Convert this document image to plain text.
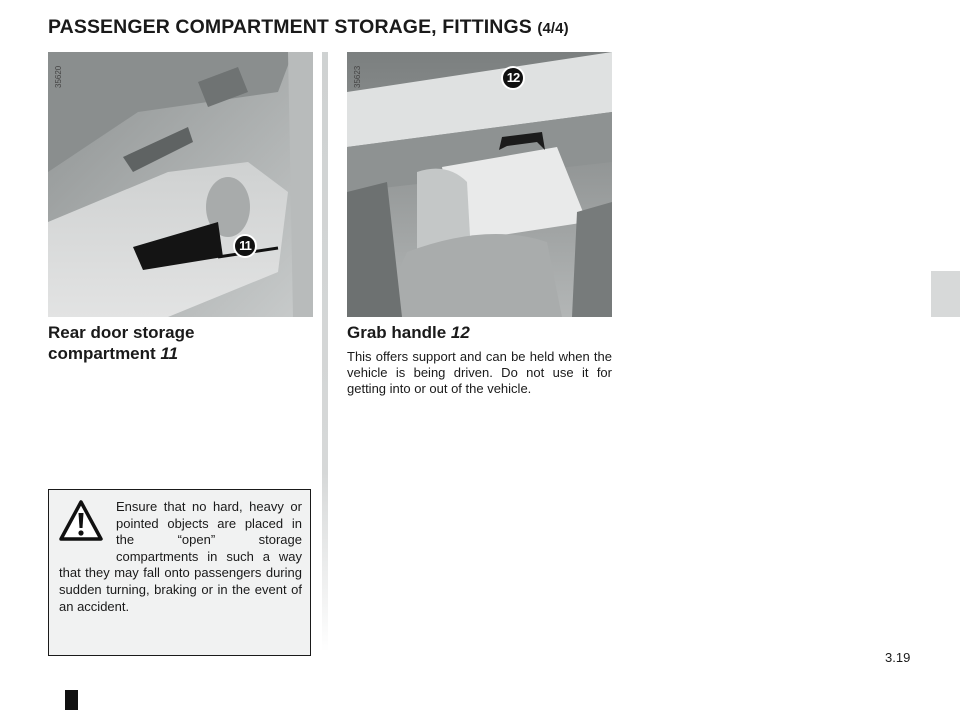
PASSENGER COMPARTMENT STORAGE, FITTINGS (4/4)
35620
11
35623	12
Rear door storage compartment 11
Grab handle 12

This offers support and can be held when the vehicle is being driven. Do not use it for getting into or out of the vehicle.

Ensure that no hard, heavy or pointed objects are placed in the “open” storage compartments in such a way that they may fall onto passengers during sudden turning, braking or in the event of an accident.

3.19
